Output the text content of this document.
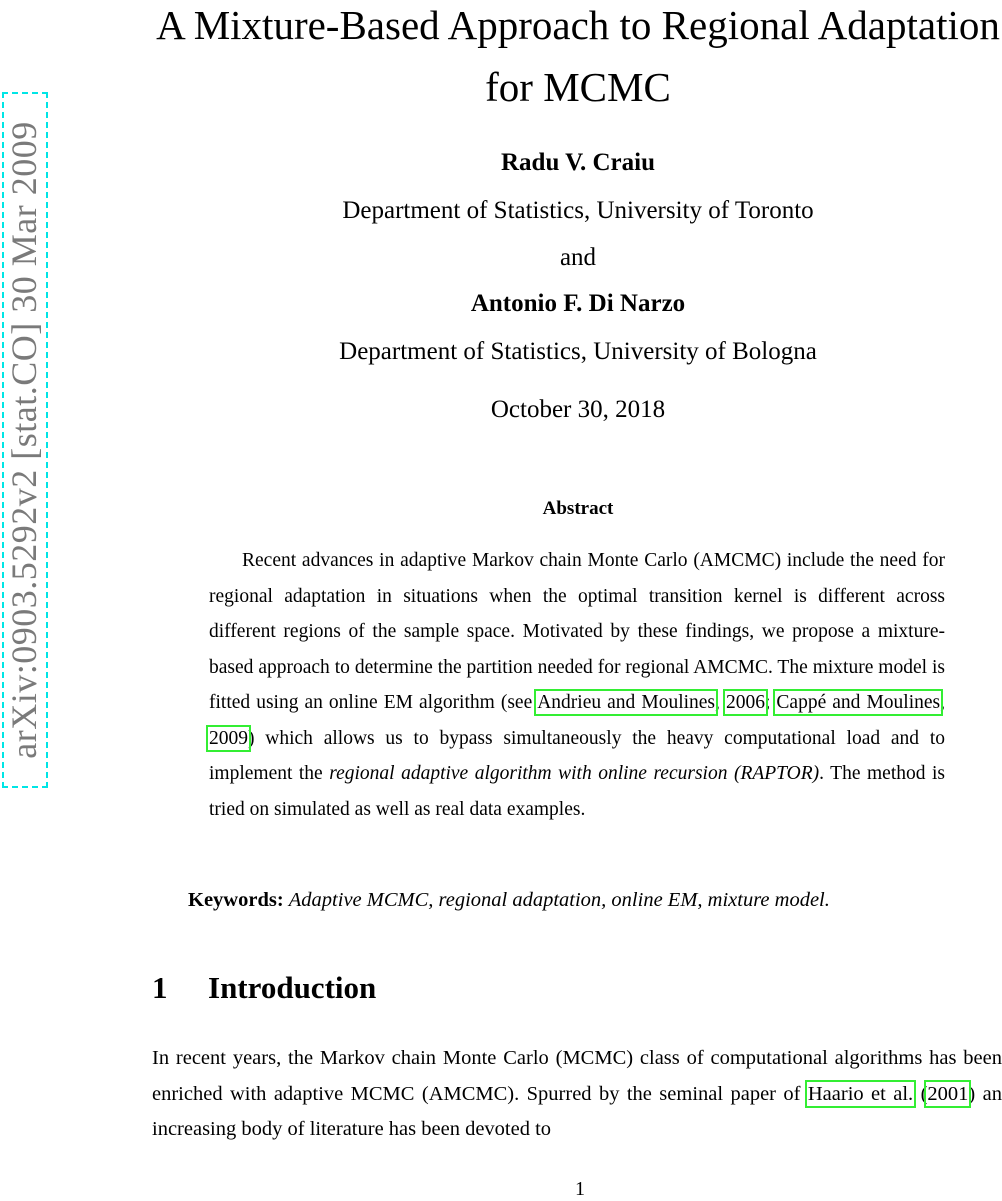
arXiv:0903.5292v2 [stat.CO] 30 Mar 2009
A Mixture-Based Approach to Regional Adaptation
for MCMC
Radu V. Craiu
Department of Statistics, University of Toronto
and
Antonio F. Di Narzo
Department of Statistics, University of Bologna
October 30, 2018
Abstract
Recent advances in adaptive Markov chain Monte Carlo (AMCMC) include the need for regional adaptation in situations when the optimal transition kernel is different across different regions of the sample space. Motivated by these findings, we propose a mixture-based approach to determine the partition needed for regional AMCMC. The mixture model is fitted using an online EM algorithm (see Andrieu and Moulines, 2006; Cappé and Moulines, 2009) which allows us to bypass simultaneously the heavy computational load and to implement the regional adaptive algorithm with online recursion (RAPTOR). The method is tried on simulated as well as real data examples.
Keywords: Adaptive MCMC, regional adaptation, online EM, mixture model.
1 Introduction
In recent years, the Markov chain Monte Carlo (MCMC) class of computational algorithms has been enriched with adaptive MCMC (AMCMC). Spurred by the seminal paper of Haario et al. (2001) an increasing body of literature has been devoted to
1
